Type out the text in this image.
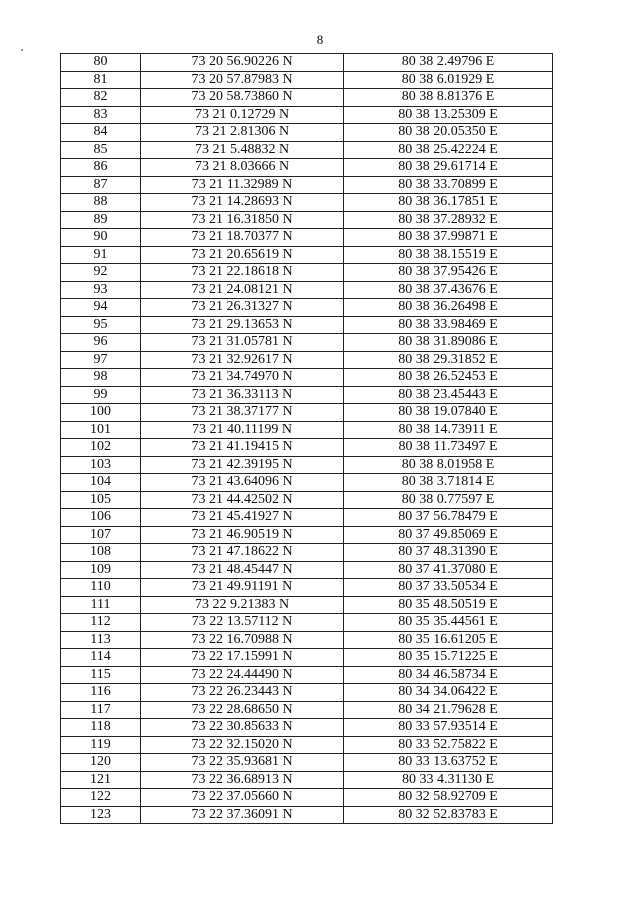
8
80	73 20 56.90226 N	80 38 2.49796 E
81	73 20 57.87983 N	80 38 6.01929 E
82	73 20 58.73860 N	80 38 8.81376 E
83	73 21 0.12729 N	80 38 13.25309 E
84	73 21 2.81306 N	80 38 20.05350 E
85	73 21 5.48832 N	80 38 25.42224 E
86	73 21 8.03666 N	80 38 29.61714 E
87	73 21 11.32989 N	80 38 33.70899 E
88	73 21 14.28693 N	80 38 36.17851 E
89	73 21 16.31850 N	80 38 37.28932 E
90	73 21 18.70377 N	80 38 37.99871 E
91	73 21 20.65619 N	80 38 38.15519 E
92	73 21 22.18618 N	80 38 37.95426 E
93	73 21 24.08121 N	80 38 37.43676 E
94	73 21 26.31327 N	80 38 36.26498 E
95	73 21 29.13653 N	80 38 33.98469 E
96	73 21 31.05781 N	80 38 31.89086 E
97	73 21 32.92617 N	80 38 29.31852 E
98	73 21 34.74970 N	80 38 26.52453 E
99	73 21 36.33113 N	80 38 23.45443 E
100	73 21 38.37177 N	80 38 19.07840 E
101	73 21 40.11199 N	80 38 14.73911 E
102	73 21 41.19415 N	80 38 11.73497 E
103	73 21 42.39195 N	80 38 8.01958 E
104	73 21 43.64096 N	80 38 3.71814 E
105	73 21 44.42502 N	80 38 0.77597 E
106	73 21 45.41927 N	80 37 56.78479 E
107	73 21 46.90519 N	80 37 49.85069 E
108	73 21 47.18622 N	80 37 48.31390 E
109	73 21 48.45447 N	80 37 41.37080 E
110	73 21 49.91191 N	80 37 33.50534 E
111	73 22 9.21383 N	80 35 48.50519 E
112	73 22 13.57112 N	80 35 35.44561 E
113	73 22 16.70988 N	80 35 16.61205 E
114	73 22 17.15991 N	80 35 15.71225 E
115	73 22 24.44490 N	80 34 46.58734 E
116	73 22 26.23443 N	80 34 34.06422 E
117	73 22 28.68650 N	80 34 21.79628 E
118	73 22 30.85633 N	80 33 57.93514 E
119	73 22 32.15020 N	80 33 52.75822 E
120	73 22 35.93681 N	80 33 13.63752 E
121	73 22 36.68913 N	80 33 4.31130 E
122	73 22 37.05660 N	80 32 58.92709 E
123	73 22 37.36091 N	80 32 52.83783 E
